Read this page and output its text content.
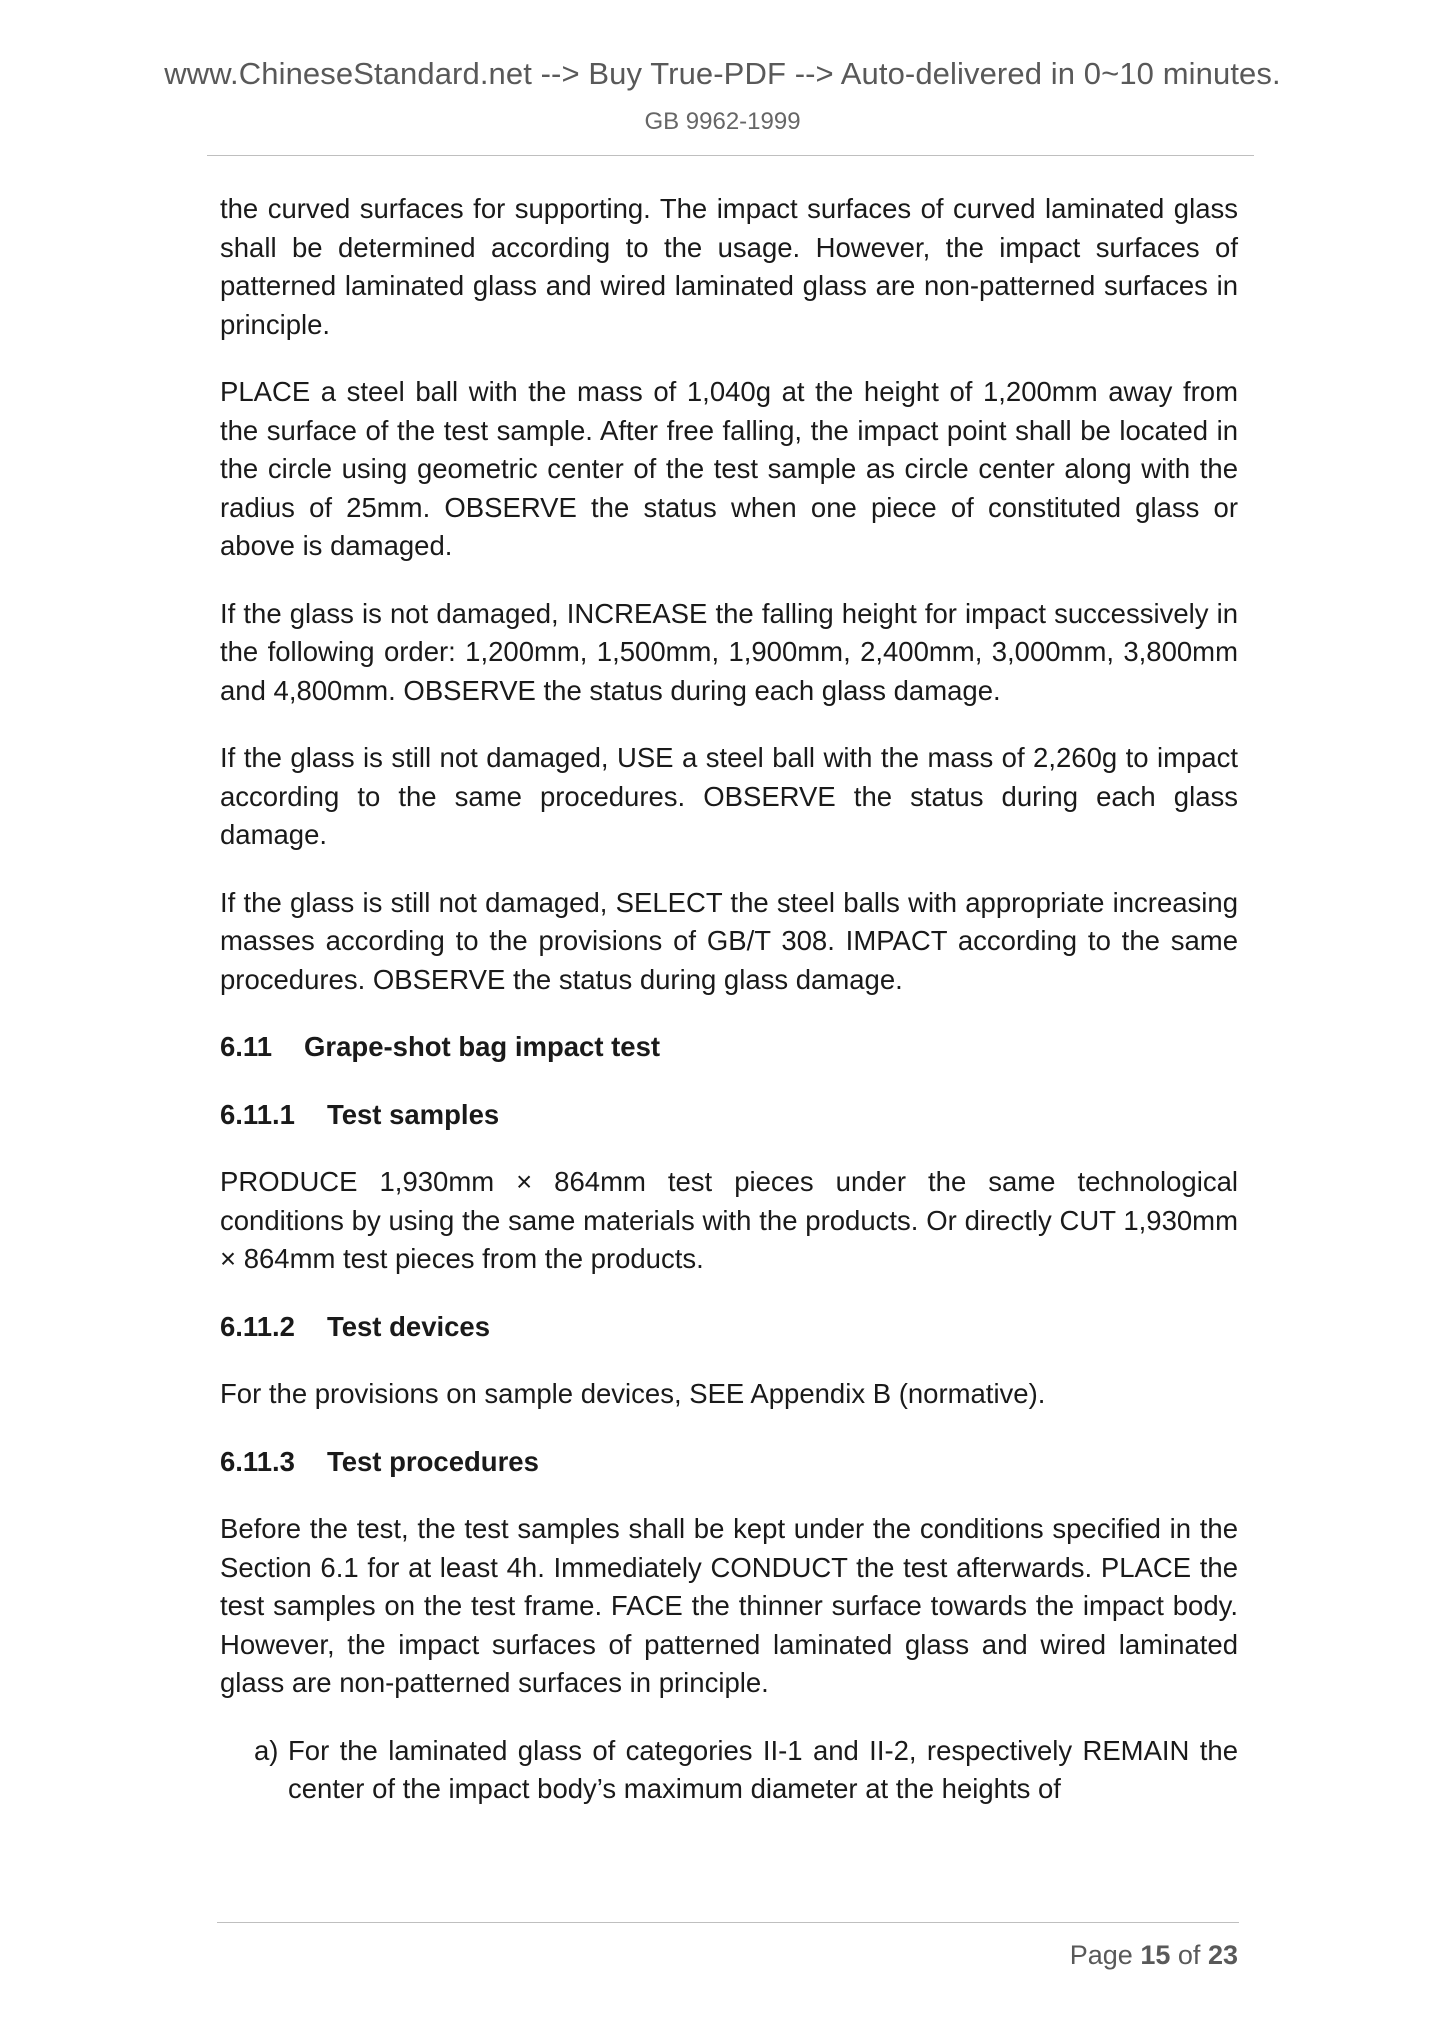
www.ChineseStandard.net --> Buy True-PDF --> Auto-delivered in 0~10 minutes.
GB 9962-1999

the curved surfaces for supporting. The impact surfaces of curved laminated glass shall be determined according to the usage. However, the impact surfaces of patterned laminated glass and wired laminated glass are non-patterned surfaces in principle.

PLACE a steel ball with the mass of 1,040g at the height of 1,200mm away from the surface of the test sample. After free falling, the impact point shall be located in the circle using geometric center of the test sample as circle center along with the radius of 25mm. OBSERVE the status when one piece of constituted glass or above is damaged.

If the glass is not damaged, INCREASE the falling height for impact successively in the following order: 1,200mm, 1,500mm, 1,900mm, 2,400mm, 3,000mm, 3,800mm and 4,800mm. OBSERVE the status during each glass damage.

If the glass is still not damaged, USE a steel ball with the mass of 2,260g to impact according to the same procedures. OBSERVE the status during each glass damage.

If the glass is still not damaged, SELECT the steel balls with appropriate increasing masses according to the provisions of GB/T 308. IMPACT according to the same procedures. OBSERVE the status during glass damage.

6.11 Grape-shot bag impact test
6.11.1 Test samples

PRODUCE 1,930mm × 864mm test pieces under the same technological conditions by using the same materials with the products. Or directly CUT 1,930mm × 864mm test pieces from the products.

6.11.2 Test devices

For the provisions on sample devices, SEE Appendix B (normative).

6.11.3 Test procedures

Before the test, the test samples shall be kept under the conditions specified in the Section 6.1 for at least 4h. Immediately CONDUCT the test afterwards. PLACE the test samples on the test frame. FACE the thinner surface towards the impact body. However, the impact surfaces of patterned laminated glass and wired laminated glass are non-patterned surfaces in principle.

a) For the laminated glass of categories II-1 and II-2, respectively REMAIN the center of the impact body’s maximum diameter at the heights of

Page 15 of 23
